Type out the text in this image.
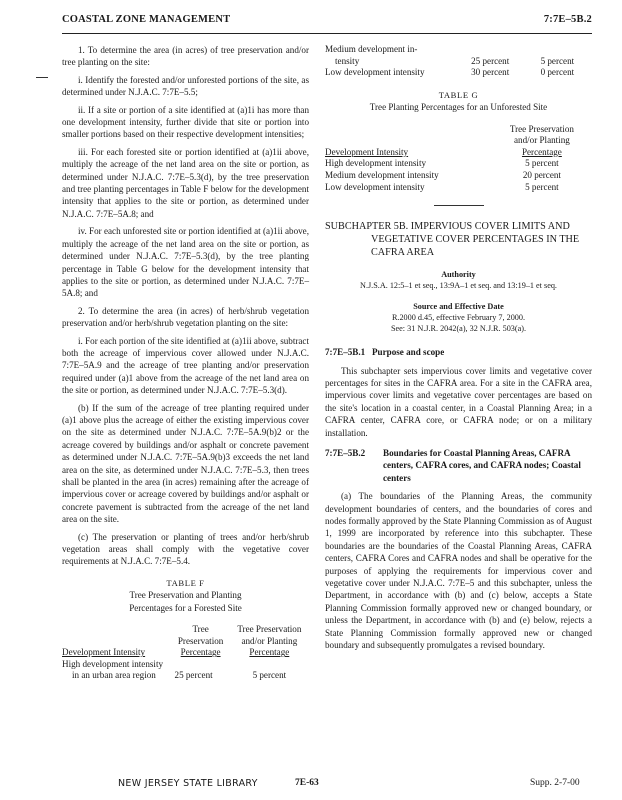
COASTAL ZONE MANAGEMENT	7:7E–5B.2

1. To determine the area (in acres) of tree preservation and/or tree planting on the site:

i. Identify the forested and/or unforested portions of the site, as determined under N.J.A.C. 7:7E–5.5;

ii. If a site or portion of a site identified at (a)1i has more than one development intensity, further divide that site or portion into smaller portions based on their respective development intensities;

iii. For each forested site or portion identified at (a)1ii above, multiply the acreage of the net land area on the site or portion, as determined under N.J.A.C. 7:7E–5.3(d), by the tree preservation and tree planting percentages in Table F below for the development intensity that applies to the site or portion, as determined under N.J.A.C. 7:7E–5A.8; and

iv. For each unforested site or portion identified at (a)1ii above, multiply the acreage of the net land area on the site or portion, as determined under N.J.A.C. 7:7E–5.3(d), by the tree planting percentage in Table G below for the development intensity that applies to the site or portion, as determined under N.J.A.C. 7:7E–5A.8; and

2. To determine the area (in acres) of herb/shrub vegetation preservation and/or herb/shrub vegetation planting on the site:

i. For each portion of the site identified at (a)1ii above, subtract both the acreage of impervious cover allowed under N.J.A.C. 7:7E–5A.9 and the acreage of tree planting and/or preservation required under (a)1 above from the acreage of the net land area on the site or portion, as determined under N.J.A.C. 7:7E–5.3(d).

(b) If the sum of the acreage of tree planting required under (a)1 above plus the acreage of either the existing impervious cover on the site as determined under N.J.A.C. 7:7E–5A.9(b)2 or the acreage covered by buildings and/or asphalt or concrete pavement as determined under N.J.A.C. 7:7E–5A.9(b)3 exceeds the net land area on the site, as determined under N.J.A.C. 7:7E–5.3, then trees shall be planted in the area (in acres) remaining after the acreage of impervious cover or acreage covered by buildings and/or asphalt or concrete pavement is subtracted from the acreage of the net land area on the site.

(c) The preservation or planting of trees and/or herb/shrub vegetation areas shall comply with the vegetative cover requirements at N.J.A.C. 7:7E–5.4.

TABLE F
Tree Preservation and Planting
Percentages for a Forested Site
	Tree	Tree Preservation
	Preservation	and/or Planting
Development Intensity	Percentage	Percentage
High development intensity		
in an urban area region	25 percent	5 percent
Medium development in-		
tensity	25 percent	5 percent
Low development intensity	30 percent	0 percent
TABLE G
Tree Planting Percentages for an Unforested Site
	Tree Preservation
	and/or Planting
Development Intensity	Percentage
High development intensity	5 percent
Medium development intensity	20 percent
Low development intensity	5 percent

SUBCHAPTER 5B. IMPERVIOUS COVER LIMITS AND VEGETATIVE COVER PERCENTAGES IN THE CAFRA AREA

Authority
N.J.S.A. 12:5–1 et seq., 13:9A–1 et seq. and 13:19–1 et seq.
Source and Effective Date
R.2000 d.45, effective February 7, 2000.
See: 31 N.J.R. 2042(a), 32 N.J.R. 503(a).

7:7E–5B.1 Purpose and scope

This subchapter sets impervious cover limits and vegetative cover percentages for sites in the CAFRA area. For a site in the CAFRA area, impervious cover limits and vegetative cover percentages are based on the site's location in a coastal center, in a Coastal Planning Area; in a CAFRA center, CAFRA core, or CAFRA node; or on a military installation.

7:7E–5B.2	Boundaries for Coastal Planning Areas, CAFRA centers, CAFRA cores, and CAFRA nodes; Coastal centers

(a) The boundaries of the Planning Areas, the community development boundaries of centers, and the boundaries of cores and nodes formally approved by the State Planning Commission as of August 1, 1999 are incorporated by reference into this subchapter. These boundaries are the boundaries of the Coastal Planning Areas, CAFRA centers, CAFRA Cores and CAFRA nodes and shall be operative for the purposes of applying the requirements for impervious cover and vegetative cover under N.J.A.C. 7:7E–5 and this subchapter, unless the Department, in accordance with (b) and (c) below, accepts a State Planning Commission formally approved new or changed boundary, or unless the Department, in accordance with (b) and (e) below, rejects a State Planning Commission formally approved new or changed boundary and subsequently promulgates a revised boundary.

NEW JERSEY STATE LIBRARY	7E-63	Supp. 2-7-00
